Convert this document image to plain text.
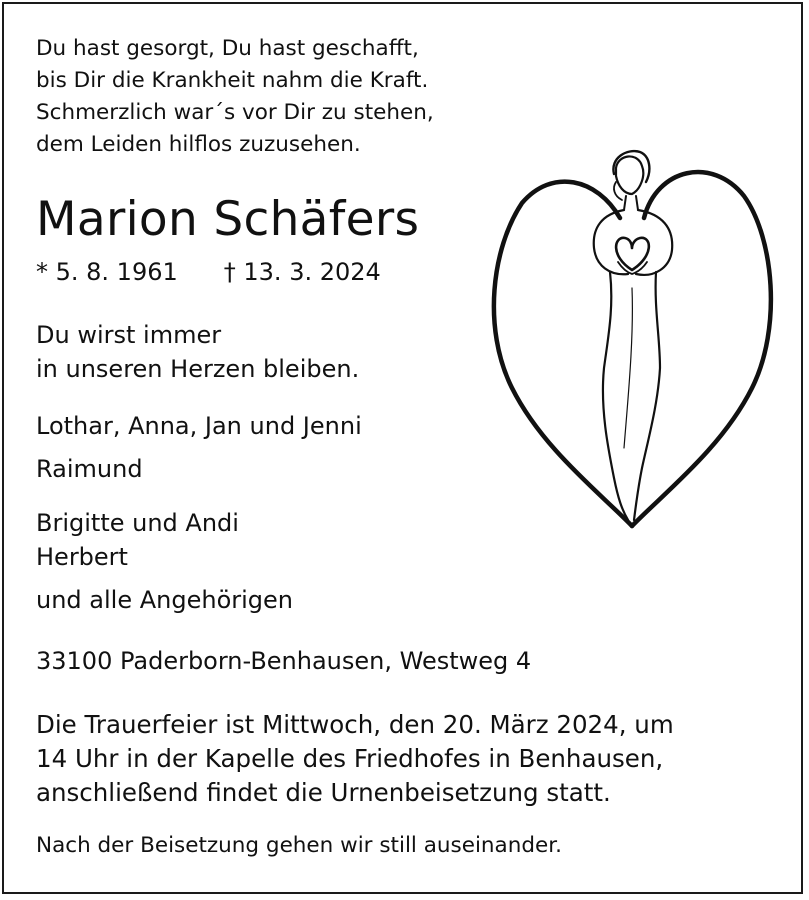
Du hast gesorgt, Du hast geschafft,
bis Dir die Krankheit nahm die Kraft.
Schmerzlich war´s vor Dir zu stehen,
dem Leiden hilflos zuzusehen.
Marion Schäfers
* 5. 8. 1961 † 13. 3. 2024
Du wirst immer
in unseren Herzen bleiben.
Lothar, Anna, Jan und Jenni
Raimund
Brigitte und Andi
Herbert
und alle Angehörigen
33100 Paderborn-Benhausen, Westweg 4
Die Trauerfeier ist Mittwoch, den 20. März 2024, um
14 Uhr in der Kapelle des Friedhofes in Benhausen,
anschließend findet die Urnenbeisetzung statt.
Nach der Beisetzung gehen wir still auseinander.
